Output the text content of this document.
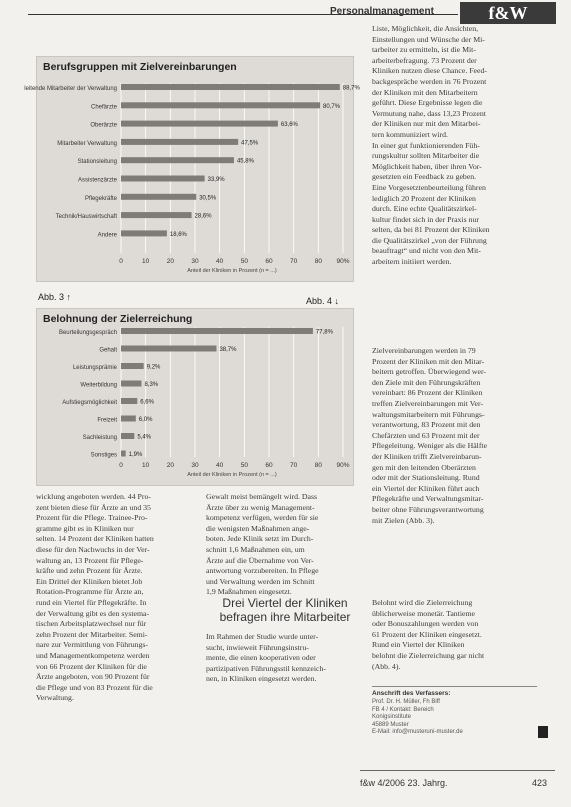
Personalmanagement	f&W
Berufsgruppen mit Zielvereinbarungen
0	10	20	30	40	50	60	70	80 90%
leitende Mitarbeiter der Verwaltung	88,7%
Chefärzte	80,7%
Oberärzte	63,6%
Mitarbeiter Verwaltung	47,5%
Stationsleitung	45,8%
Assistenzärzte	33,9%
Pflegekräfte	30,5%
Technik/Hauswirtschaft	28,6%
Andere	18,6%
Anteil der Kliniken in Prozent (n = ...)
Abb. 3 ↑	Abb. 4 ↓
Belohnung der Zielerreichung
0	10	20	30	40	50	60	70	80 90%
Beurteilungsgespräch	77,8%
Gehalt	38,7%
Leistungsprämie	9,2%
Weiterbildung	8,3%
Aufstiegsmöglichkeit	6,6%
Freizeit	6,0%
Sachleistung	5,4%
Sonstiges 1,9%
Anteil der Kliniken in Prozent (n = ...)

Liste, Möglichkeit, die Ansichten,

Einstellungen und Wünsche der Mi-

tarbeiter zu ermitteln, ist die Mit-

arbeiterbefragung. 73 Prozent der

Kliniken nutzen diese Chance. Feed-

backgespräche werden in 76 Prozent

der Kliniken mit den Mitarbeitern

geführt. Diese Ergebnisse legen die

Vermutung nahe, dass 13,23 Prozent

der Kliniken nur mit den Mitarbei-

tern kommuniziert wird.

In einer gut funktionierenden Füh-

rungskultur sollten Mitarbeiter die

Möglichkeit haben, über ihren Vor-

gesetzten ein Feedback zu geben.

Eine Vorgesetztenbeurteilung führen

lediglich 20 Prozent der Kliniken

durch. Eine echte Qualitätszirkel-

kultur findet sich in der Praxis nur

selten, da bei 81 Prozent der Kliniken

die Qualitätszirkel „von der Führung

beauftragt“ und nicht von den Mit-

arbeitern initiiert werden.

Zielvereinbarungen werden in 79

Prozent der Kliniken mit den Mitar-

beitern getroffen. Überwiegend wer-

den Ziele mit den Führungskräften

vereinbart: 86 Prozent der Kliniken

treffen Zielvereinbarungen mit Ver-

waltungsmitarbeitern mit Führungs-

verantwortung, 83 Prozent mit den

Chefärzten und 63 Prozent mit der

Pflegeleitung. Weniger als die Hälfte

der Kliniken trifft Zielvereinbarun-

gen mit den leitenden Oberärzten

oder mit der Stationsleitung. Rund

ein Viertel der Kliniken führt auch

Pflegekräfte und Verwaltungsmitar-

beiter ohne Führungsverantwortung

mit Zielen (Abb. 3).

Belohnt wird die Zielerreichung

üblicherweise monetär. Tantieme

oder Bonuszahlungen werden von

61 Prozent der Kliniken eingesetzt.

Rund ein Viertel der Kliniken

belohnt die Zielerreichung gar nicht

(Abb. 4).

wicklung angeboten werden. 44 Pro-

zent bieten diese für Ärzte an und 35

Prozent für die Pflege. Trainee-Pro-

gramme gibt es in Kliniken nur

selten. 14 Prozent der Kliniken hatten

diese für den Nachwuchs in der Ver-

waltung an, 13 Prozent für Pflege-

kräfte und zehn Prozent für Ärzte.

Ein Drittel der Kliniken bietet Job

Rotation-Programme für Ärzte an,

rund ein Viertel für Pflegekräfte. In

der Verwaltung gibt es den systema-

tischen Arbeitsplatzwechsel nur für

zehn Prozent der Mitarbeiter. Semi-

nare zur Vermittlung von Führungs-

und Managementkompetenz werden

von 66 Prozent der Kliniken für die

Ärzte angeboten, von 90 Prozent für

die Pflege und von 83 Prozent für die

Verwaltung.

Gewalt meist bemängelt wird. Dass

Ärzte über zu wenig Management-

kompetenz verfügen, werden für sie

die wenigsten Maßnahmen ange-

boten. Jede Klinik setzt im Durch-

schnitt 1,6 Maßnahmen ein, um

Ärzte auf die Übernahme von Ver-

antwortung vorzubereiten. In Pflege

und Verwaltung werden im Schnitt

1,9 Maßnahmen eingesetzt.

Drei Viertel der Kliniken
befragen ihre Mitarbeiter

Im Rahmen der Studie wurde unter-

sucht, inwieweit Führungsinstru-

mente, die einen kooperativen oder

partizipativen Führungsstil kennzeich-

nen, in Kliniken eingesetzt werden.

Anschrift des Verfassers:
Prof. Dr. H. Müller, Fh Biff
FB 4 / Kontakt: Bereich
Konigsinstitute
45889 Muster
E-Mail: info@musteruni-muster.de
f&w 4/2006 23. Jahrg.	423
